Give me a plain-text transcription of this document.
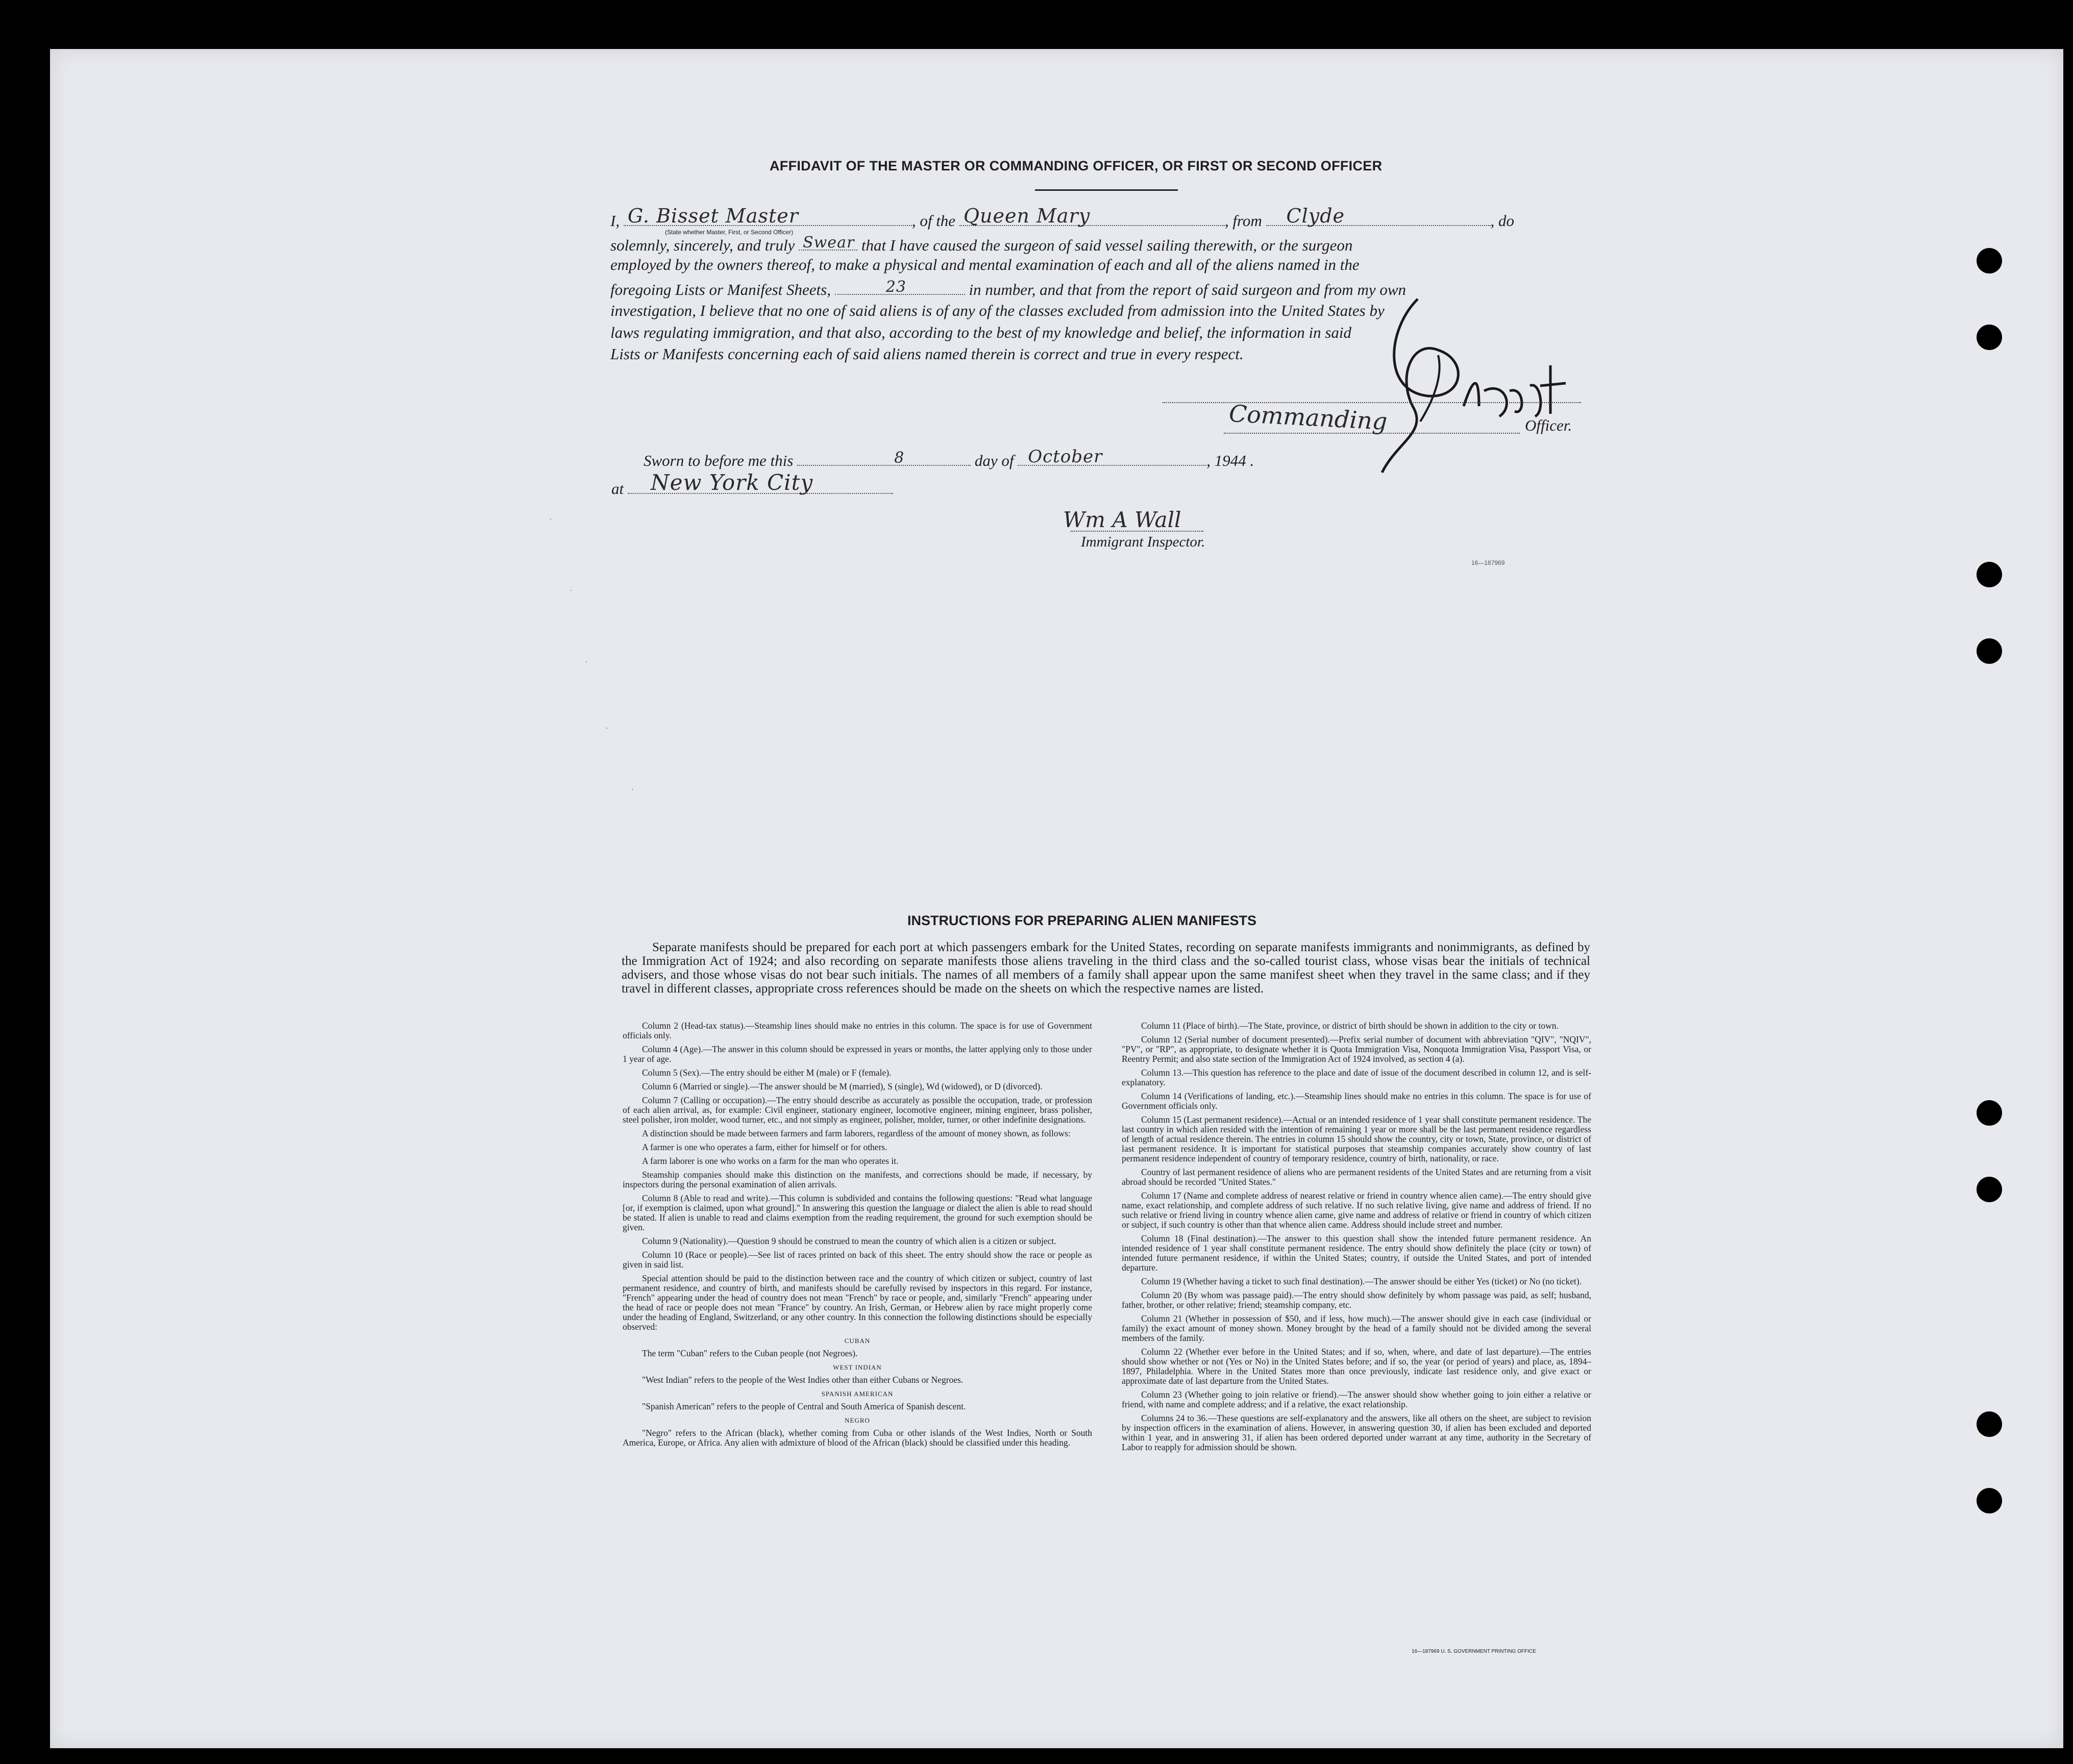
AFFIDAVIT OF THE MASTER OR COMMANDING OFFICER, OR FIRST OR SECOND OFFICER
I, G. Bisset Master	, of the Queen Mary	, from Clyde	, do
(State whether Master, First, or Second Officer)
solemnly, sincerely, and truly Swear that I have caused the surgeon of said vessel sailing therewith, or the surgeon
employed by the owners thereof, to make a physical and mental examination of each and all of the aliens named in the
foregoing Lists or Manifest Sheets,	23	in number, and that from the report of said surgeon and from my own
investigation, I believe that no one of said aliens is of any of the classes excluded from admission into the United States by
laws regulating immigration, and that also, according to the best of my knowledge and belief, the information in said
Lists or Manifests concerning each of said aliens named therein is correct and true in every respect.
Commanding	Officer.
Sworn to before me this	8	day of October	, 1944 .
at New York City
Wm A Wall
Immigrant Inspector.
16—187969
INSTRUCTIONS FOR PREPARING ALIEN MANIFESTS
Separate manifests should be prepared for each port at which passengers embark for the United States, recording on separate manifests immigrants and nonimmigrants, as defined by the Immigration Act of 1924; and also recording on separate manifests those aliens traveling in the third class and the so-called tourist class, whose visas bear the initials of technical advisers, and those whose visas do not bear such initials. The names of all members of a family shall appear upon the same manifest sheet when they travel in the same class; and if they travel in different classes, appropriate cross references should be made on the sheets on which the respective names are listed.

Column 2 (Head-tax status).—Steamship lines should make no entries in this column. The space is for use of Government officials only.

Column 4 (Age).—The answer in this column should be expressed in years or months, the latter applying only to those under 1 year of age.

Column 5 (Sex).—The entry should be either M (male) or F (female).

Column 6 (Married or single).—The answer should be M (married), S (single), Wd (widowed), or D (divorced).

Column 7 (Calling or occupation).—The entry should describe as accurately as possible the occupation, trade, or profession of each alien arrival, as, for example: Civil engineer, stationary engineer, locomotive engineer, mining engineer, brass polisher, steel polisher, iron molder, wood turner, etc., and not simply as engineer, polisher, molder, turner, or other indefinite designations.

A distinction should be made between farmers and farm laborers, regardless of the amount of money shown, as follows:

A farmer is one who operates a farm, either for himself or for others.

A farm laborer is one who works on a farm for the man who operates it.

Steamship companies should make this distinction on the manifests, and corrections should be made, if necessary, by inspectors during the personal examination of alien arrivals.

Column 8 (Able to read and write).—This column is subdivided and contains the following questions: "Read what language [or, if exemption is claimed, upon what ground]." In answering this question the language or dialect the alien is able to read should be stated. If alien is unable to read and claims exemption from the reading requirement, the ground for such exemption should be given.

Column 9 (Nationality).—Question 9 should be construed to mean the country of which alien is a citizen or subject.

Column 10 (Race or people).—See list of races printed on back of this sheet. The entry should show the race or people as given in said list.

Special attention should be paid to the distinction between race and the country of which citizen or subject, country of last permanent residence, and country of birth, and manifests should be carefully revised by inspectors in this regard. For instance, "French" appearing under the head of country does not mean "French" by race or people, and, similarly "French" appearing under the head of race or people does not mean "France" by country. An Irish, German, or Hebrew alien by race might properly come under the heading of England, Switzerland, or any other country. In this connection the following distinctions should be especially observed:

CUBAN

The term "Cuban" refers to the Cuban people (not Negroes).

WEST INDIAN

"West Indian" refers to the people of the West Indies other than either Cubans or Negroes.

SPANISH AMERICAN

"Spanish American" refers to the people of Central and South America of Spanish descent.

NEGRO

"Negro" refers to the African (black), whether coming from Cuba or other islands of the West Indies, North or South America, Europe, or Africa. Any alien with admixture of blood of the African (black) should be classified under this heading.

Column 11 (Place of birth).—The State, province, or district of birth should be shown in addition to the city or town.

Column 12 (Serial number of document presented).—Prefix serial number of document with abbreviation "QIV", "NQIV", "PV", or "RP", as appropriate, to designate whether it is Quota Immigration Visa, Nonquota Immigration Visa, Passport Visa, or Reentry Permit; and also state section of the Immigration Act of 1924 involved, as section 4 (a).

Column 13.—This question has reference to the place and date of issue of the document described in column 12, and is self-explanatory.

Column 14 (Verifications of landing, etc.).—Steamship lines should make no entries in this column. The space is for use of Government officials only.

Column 15 (Last permanent residence).—Actual or an intended residence of 1 year shall constitute permanent residence. The last country in which alien resided with the intention of remaining 1 year or more shall be the last permanent residence regardless of length of actual residence therein. The entries in column 15 should show the country, city or town, State, province, or district of last permanent residence. It is important for statistical purposes that steamship companies accurately show country of last permanent residence independent of country of temporary residence, country of birth, nationality, or race.

Country of last permanent residence of aliens who are permanent residents of the United States and are returning from a visit abroad should be recorded "United States."

Column 17 (Name and complete address of nearest relative or friend in country whence alien came).—The entry should give name, exact relationship, and complete address of such relative. If no such relative living, give name and address of friend. If no such relative or friend living in country whence alien came, give name and address of relative or friend in country of which citizen or subject, if such country is other than that whence alien came. Address should include street and number.

Column 18 (Final destination).—The answer to this question shall show the intended future permanent residence. An intended residence of 1 year shall constitute permanent residence. The entry should show definitely the place (city or town) of intended future permanent residence, if within the United States; country, if outside the United States, and port of intended departure.

Column 19 (Whether having a ticket to such final destination).—The answer should be either Yes (ticket) or No (no ticket).

Column 20 (By whom was passage paid).—The entry should show definitely by whom passage was paid, as self; husband, father, brother, or other relative; friend; steamship company, etc.

Column 21 (Whether in possession of $50, and if less, how much).—The answer should give in each case (individual or family) the exact amount of money shown. Money brought by the head of a family should not be divided among the several members of the family.

Column 22 (Whether ever before in the United States; and if so, when, where, and date of last departure).—The entries should show whether or not (Yes or No) in the United States before; and if so, the year (or period of years) and place, as, 1894–1897, Philadelphia. Where in the United States more than once previously, indicate last residence only, and give exact or approximate date of last departure from the United States.

Column 23 (Whether going to join relative or friend).—The answer should show whether going to join either a relative or friend, with name and complete address; and if a relative, the exact relationship.

Columns 24 to 36.—These questions are self-explanatory and the answers, like all others on the sheet, are subject to revision by inspection officers in the examination of aliens. However, in answering question 30, if alien has been excluded and deported within 1 year, and in answering 31, if alien has been ordered deported under warrant at any time, authority in the Secretary of Labor to reapply for admission should be shown.

16—187969 U. S. GOVERNMENT PRINTING OFFICE
